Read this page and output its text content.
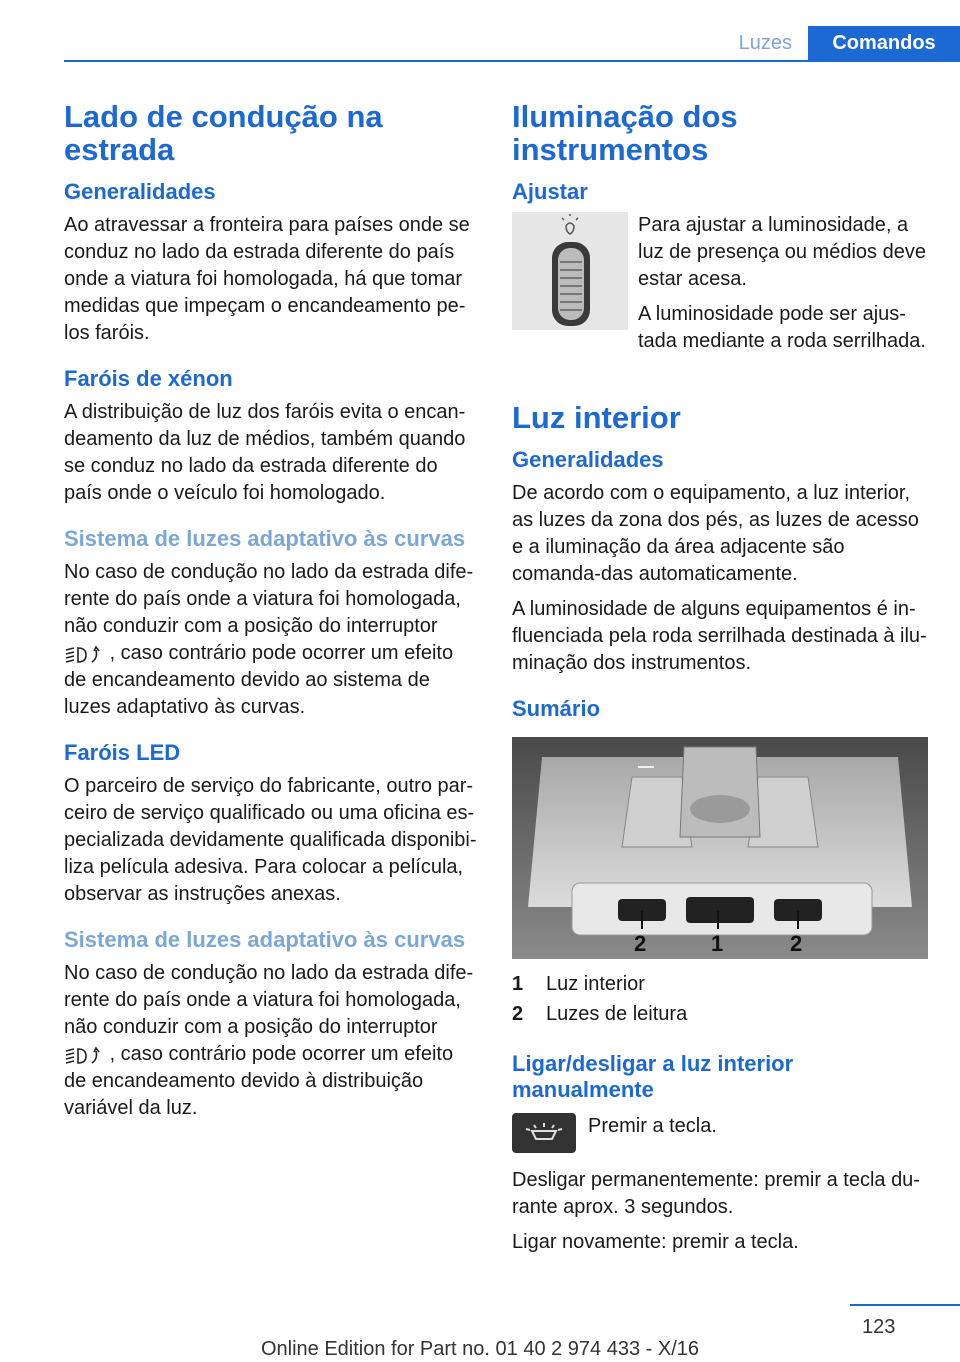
Luzes	Comandos
Lado de condução na estrada
Generalidades

Ao atravessar a fronteira para países onde se conduz no lado da estrada diferente do país onde a viatura foi homologada, há que tomar medidas que impeçam o encandeamento pe‐los faróis.

Faróis de xénon

A distribuição de luz dos faróis evita o encan‐deamento da luz de médios, também quando se conduz no lado da estrada diferente do país onde o veículo foi homologado.

Sistema de luzes adaptativo às curvas

No caso de condução no lado da estrada dife‐rente do país onde a viatura foi homologada, não conduzir com a posição do interruptor
, caso contrário pode ocorrer um efeito de encandeamento devido ao sistema de luzes adaptativo às curvas.

Faróis LED

O parceiro de serviço do fabricante, outro par‐ceiro de serviço qualificado ou uma oficina es‐pecializada devidamente qualificada disponibi‐liza película adesiva. Para colocar a película, observar as instruções anexas.

Sistema de luzes adaptativo às curvas

No caso de condução no lado da estrada dife‐rente do país onde a viatura foi homologada, não conduzir com a posição do interruptor
, caso contrário pode ocorrer um efeito de encandeamento devido à distribuição variável da luz.

Iluminação dos instrumentos
Ajustar

Para ajustar a luminosidade, a luz de presença ou médios deve estar acesa.

A luminosidade pode ser ajus‐tada mediante a roda serrilhada.

Luz interior
Generalidades

De acordo com o equipamento, a luz interior, as luzes da zona dos pés, as luzes de acesso e a iluminação da área adjacente são comanda‐das automaticamente.

A luminosidade de alguns equipamentos é in‐fluenciada pela roda serrilhada destinada à ilu‐minação dos instrumentos.

Sumário
2	1	2
1	Luz interior
2	Luzes de leitura
Ligar/desligar a luz interior manualmente

Premir a tecla.

Desligar permanentemente: premir a tecla du‐rante aprox. 3 segundos.

Ligar novamente: premir a tecla.

123
Online Edition for Part no. 01 40 2 974 433 - X/16
